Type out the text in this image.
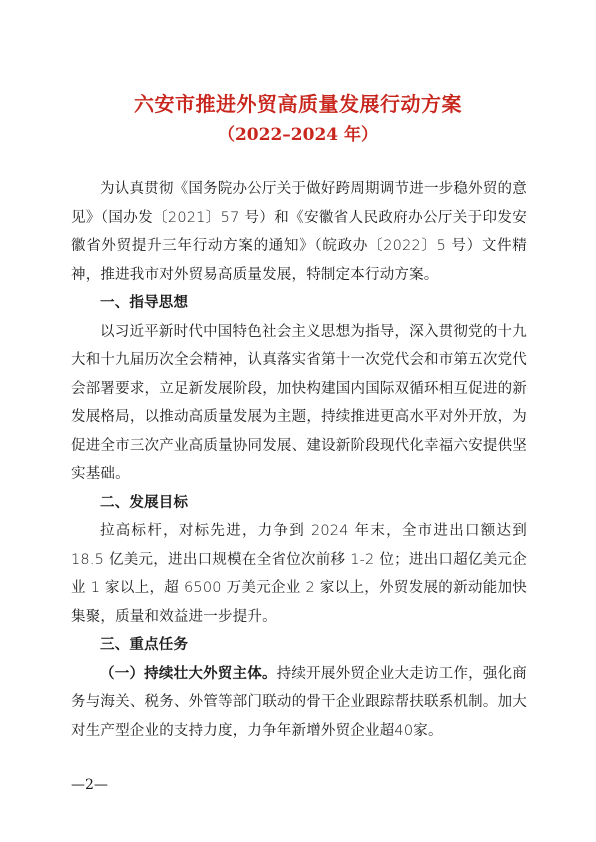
六安市推进外贸高质量发展行动方案
（2022–2024 年）

为认真贯彻《国务院办公厅关于做好跨周期调节进一步稳外贸的意见》（国办发〔2021〕57 号）和《安徽省人民政府办公厅关于印发安徽省外贸提升三年行动方案的通知》（皖政办〔2022〕5 号）文件精神，推进我市对外贸易高质量发展，特制定本行动方案。

一、指导思想

以习近平新时代中国特色社会主义思想为指导，深入贯彻党的十九大和十九届历次全会精神，认真落实省第十一次党代会和市第五次党代会部署要求，立足新发展阶段，加快构建国内国际双循环相互促进的新发展格局，以推动高质量发展为主题，持续推进更高水平对外开放，为促进全市三次产业高质量协同发展、建设新阶段现代化幸福六安提供坚实基础。

二、发展目标

拉高标杆，对标先进，力争到 2024 年末，全市进出口额达到 18.5 亿美元，进出口规模在全省位次前移 1-2 位；进出口超亿美元企业 1 家以上，超 6500 万美元企业 2 家以上，外贸发展的新动能加快集聚，质量和效益进一步提升。

三、重点任务

（一）持续壮大外贸主体。持续开展外贸企业大走访工作，强化商务与海关、税务、外管等部门联动的骨干企业跟踪帮扶联系机制。加大对生产型企业的支持力度，力争年新增外贸企业超40家。

—2—
